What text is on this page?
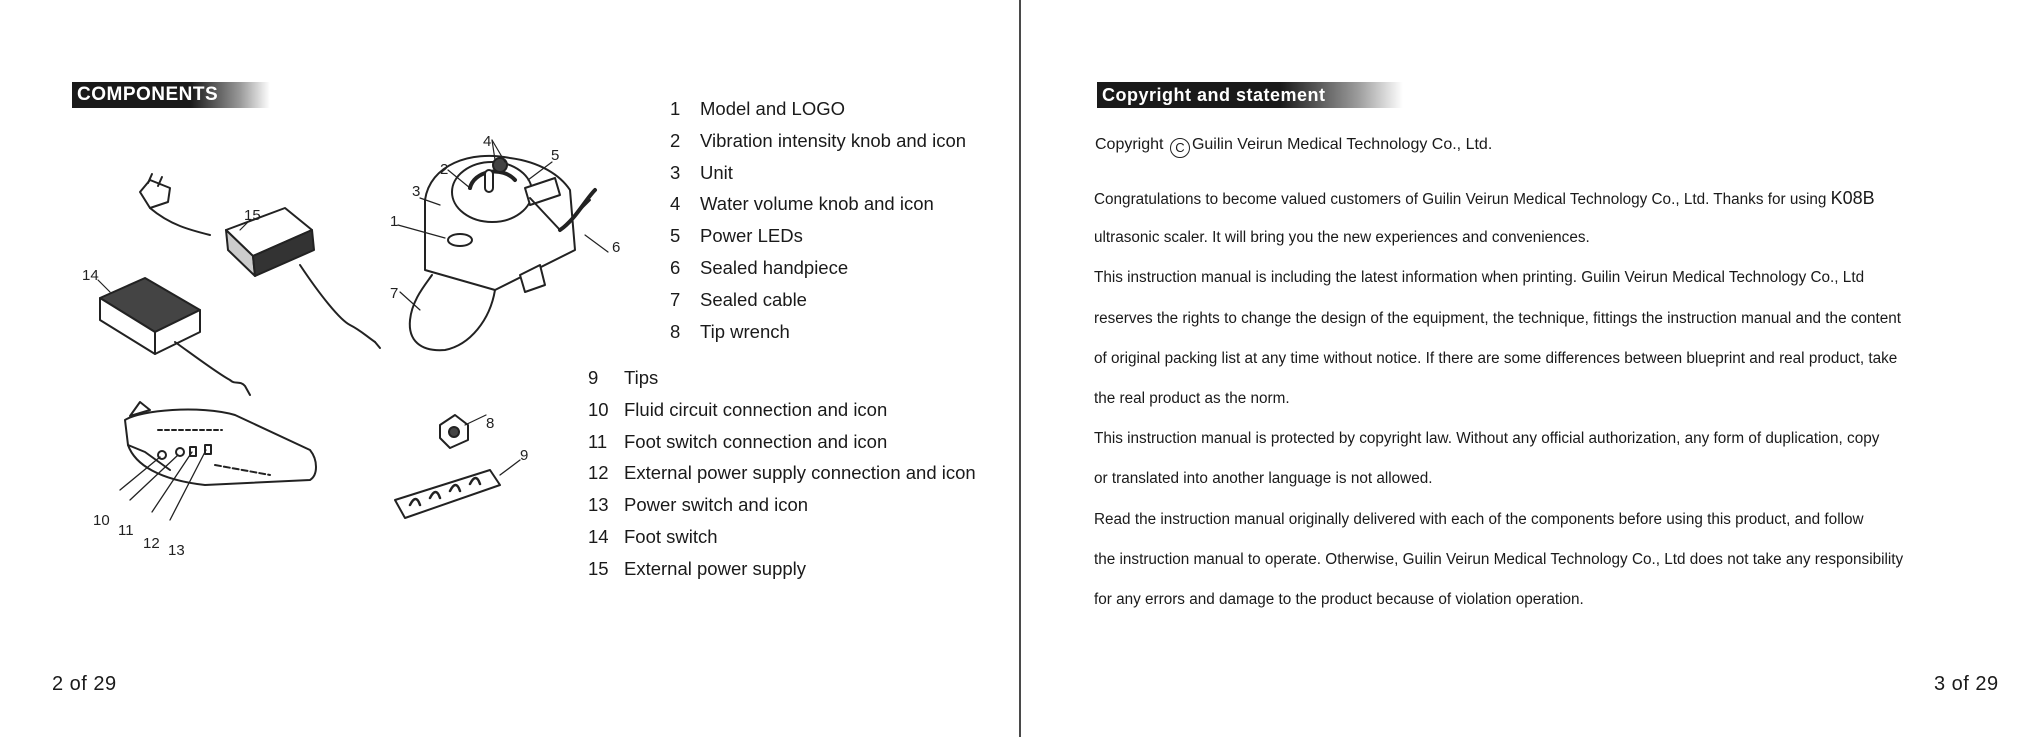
COMPONENTS
1
2
3
4
5
6
7
8
9
10
11
12 13
14
15
1 Model and LOGO
2 Vibration intensity knob and icon
3 Unit
4 Water volume knob and icon
5 Power LEDs
6 Sealed handpiece
7 Sealed cable
8 Tip wrench
9 Tips
10 Fluid circuit connection and icon
11 Foot switch connection and icon
12 External power supply connection and icon
13 Power switch and icon
14 Foot switch
15 External power supply
2 of 29
Copyright and statement
Copyright C Guilin Veirun Medical Technology Co., Ltd.
Congratulations to become valued customers of Guilin Veirun Medical Technology Co., Ltd. Thanks for using K08B
ultrasonic scaler. It will bring you the new experiences and conveniences.
This instruction manual is including the latest information when printing. Guilin Veirun Medical Technology Co., Ltd
reserves the rights to change the design of the equipment, the technique, fittings the instruction manual and the content
of original packing list at any time without notice. If there are some differences between blueprint and real product, take
the real product as the norm.
This instruction manual is protected by copyright law. Without any official authorization, any form of duplication, copy
or translated into another language is not allowed.
Read the instruction manual originally delivered with each of the components before using this product, and follow
the instruction manual to operate. Otherwise, Guilin Veirun Medical Technology Co., Ltd does not take any responsibility
for any errors and damage to the product because of violation operation.
3 of 29
